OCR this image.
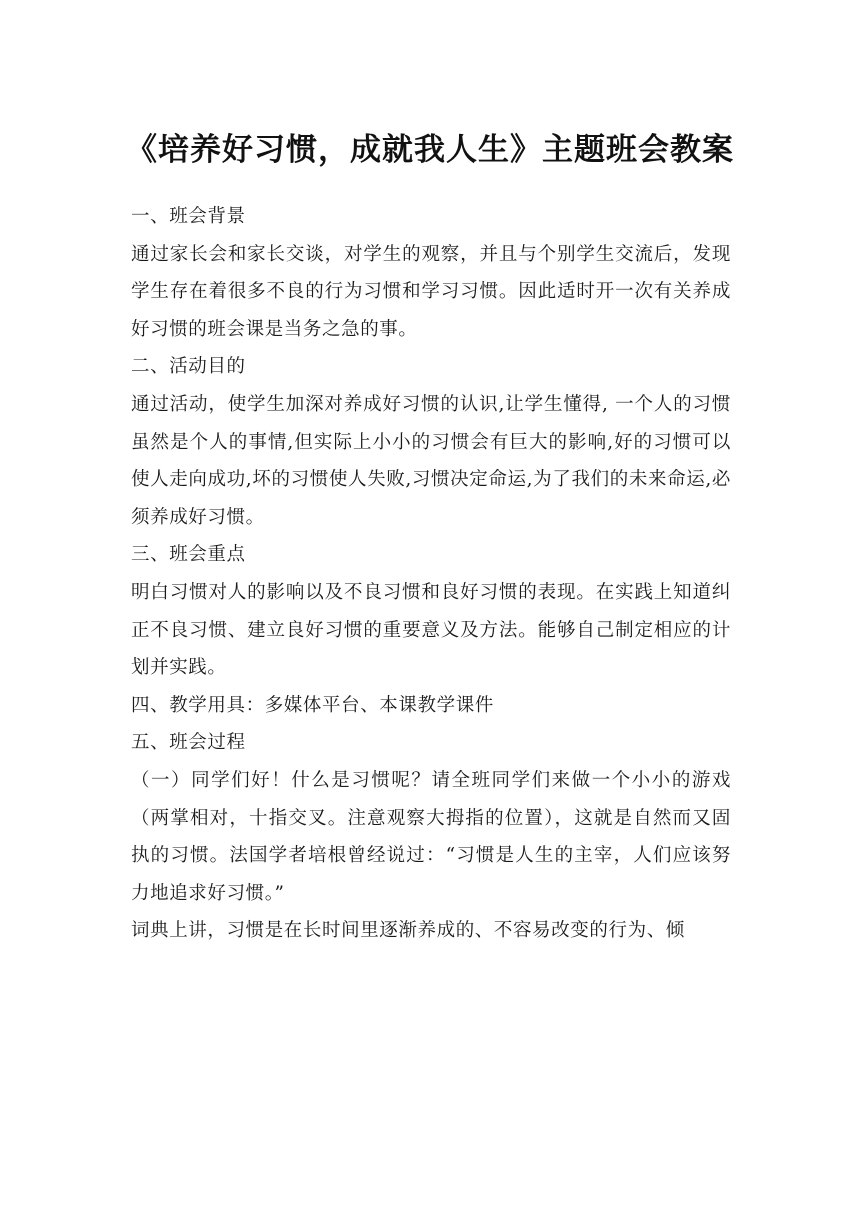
《培养好习惯，成就我人生》主题班会教案

一、班会背景

通过家长会和家长交谈，对学生的观察，并且与个别学生交流后，发现学生存在着很多不良的行为习惯和学习习惯。因此适时开一次有关养成好习惯的班会课是当务之急的事。

二、活动目的

通过活动，使学生加深对养成好习惯的认识,让学生懂得, 一个人的习惯虽然是个人的事情,但实际上小小的习惯会有巨大的影响,好的习惯可以使人走向成功,坏的习惯使人失败,习惯决定命运,为了我们的未来命运,必须养成好习惯。

三、班会重点

明白习惯对人的影响以及不良习惯和良好习惯的表现。在实践上知道纠正不良习惯、建立良好习惯的重要意义及方法。能够自己制定相应的计划并实践。

四、教学用具：多媒体平台、本课教学课件

五、班会过程

（一）同学们好！什么是习惯呢？请全班同学们来做一个小小的游戏（两掌相对，十指交叉。注意观察大拇指的位置），这就是自然而又固执的习惯。法国学者培根曾经说过：“习惯是人生的主宰，人们应该努力地追求好习惯。”

词典上讲，习惯是在长时间里逐渐养成的、不容易改变的行为、倾
